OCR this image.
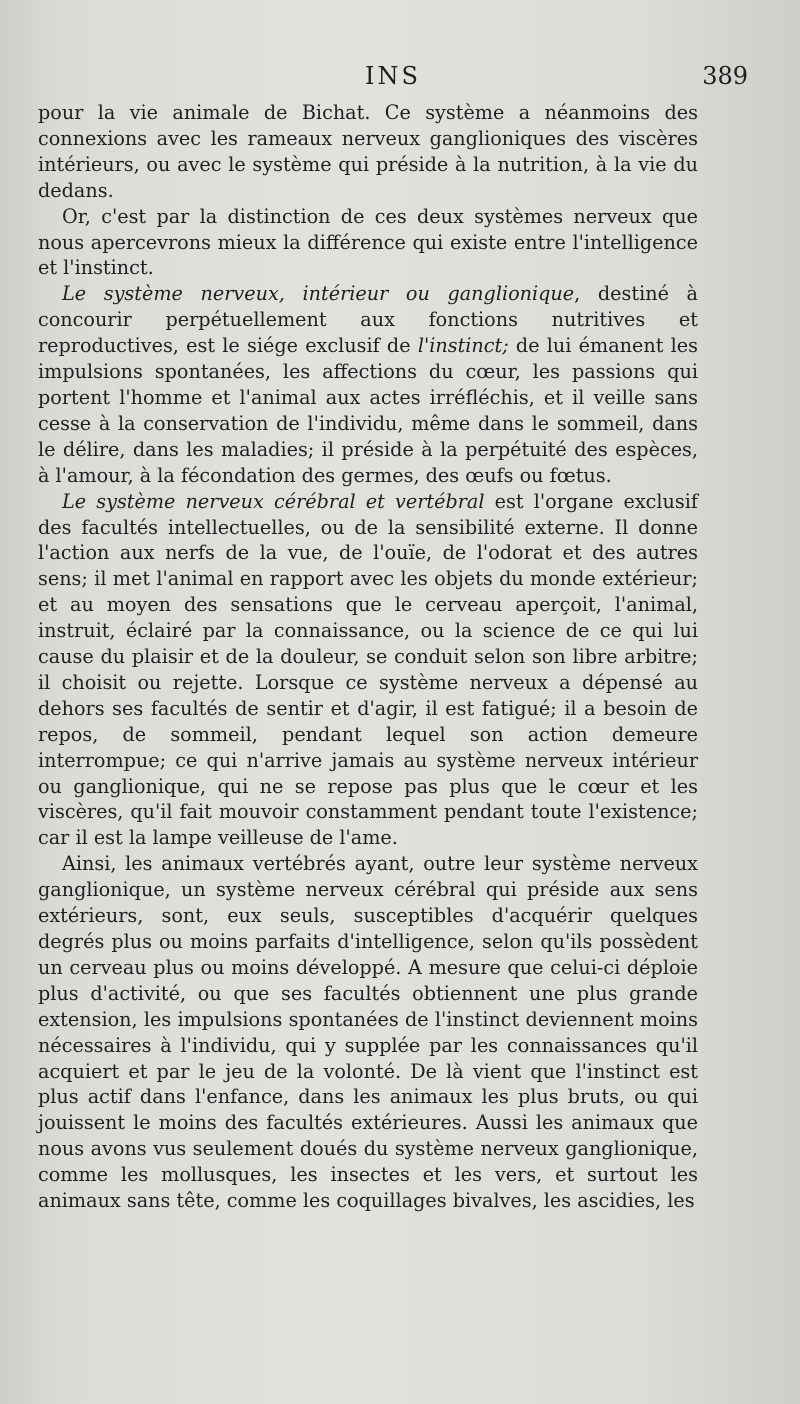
INS	389

pour la vie animale de Bichat. Ce système a néanmoins des connexions avec les rameaux nerveux ganglioniques des viscères intérieurs, ou avec le système qui préside à la nutrition, à la vie du dedans.

Or, c'est par la distinction de ces deux systèmes nerveux que nous apercevrons mieux la différence qui existe entre l'intelligence et l'instinct.

Le système nerveux, intérieur ou ganglionique, destiné à concourir perpétuellement aux fonctions nutritives et reproductives, est le siége exclusif de l'instinct; de lui émanent les impulsions spontanées, les affections du cœur, les passions qui portent l'homme et l'animal aux actes irréfléchis, et il veille sans cesse à la conservation de l'individu, même dans le sommeil, dans le délire, dans les maladies; il préside à la perpétuité des espèces, à l'amour, à la fécondation des germes, des œufs ou fœtus.

Le système nerveux cérébral et vertébral est l'organe exclusif des facultés intellectuelles, ou de la sensibilité externe. Il donne l'action aux nerfs de la vue, de l'ouïe, de l'odorat et des autres sens; il met l'animal en rapport avec les objets du monde extérieur; et au moyen des sensations que le cerveau aperçoit, l'animal, instruit, éclairé par la connaissance, ou la science de ce qui lui cause du plaisir et de la douleur, se conduit selon son libre arbitre; il choisit ou rejette. Lorsque ce système nerveux a dépensé au dehors ses facultés de sentir et d'agir, il est fatigué; il a besoin de repos, de sommeil, pendant lequel son action demeure interrompue; ce qui n'arrive jamais au système nerveux intérieur ou ganglionique, qui ne se repose pas plus que le cœur et les viscères, qu'il fait mouvoir constamment pendant toute l'existence; car il est la lampe veilleuse de l'ame.

Ainsi, les animaux vertébrés ayant, outre leur système nerveux ganglionique, un système nerveux cérébral qui préside aux sens extérieurs, sont, eux seuls, susceptibles d'acquérir quelques degrés plus ou moins parfaits d'intelligence, selon qu'ils possèdent un cerveau plus ou moins développé. A mesure que celui-ci déploie plus d'activité, ou que ses facultés obtiennent une plus grande extension, les impulsions spontanées de l'instinct deviennent moins nécessaires à l'individu, qui y supplée par les connaissances qu'il acquiert et par le jeu de la volonté. De là vient que l'instinct est plus actif dans l'enfance, dans les animaux les plus bruts, ou qui jouissent le moins des facultés extérieures. Aussi les animaux que nous avons vus seulement doués du système nerveux ganglionique, comme les mollusques, les insectes et les vers, et surtout les animaux sans tête, comme les coquillages bivalves, les ascidies, les
